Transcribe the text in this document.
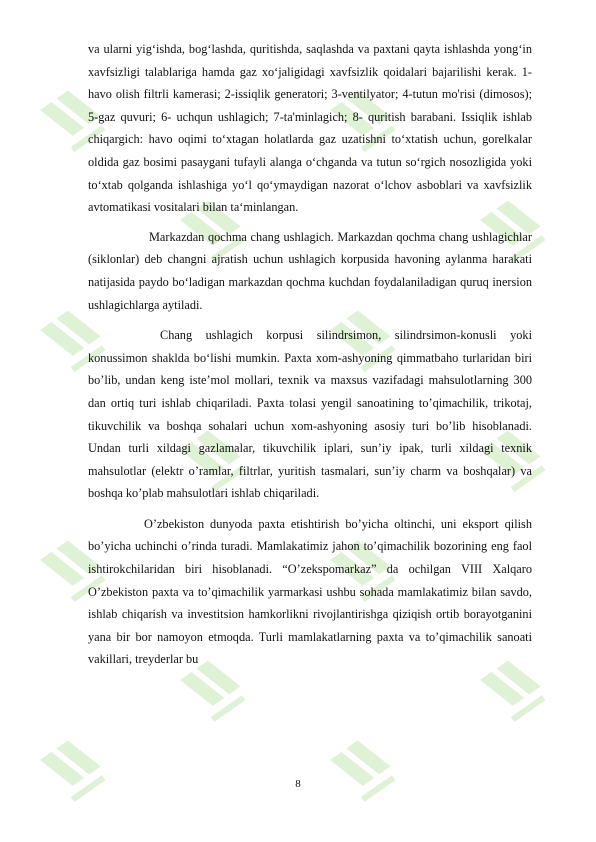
va ularni yig‘ishda, bog‘lashda, quritishda, saqlashda va paxtani qayta ishlashda yong‘in xavfsizligi talablariga hamda gaz xo‘jaligidagi xavfsizlik qoidalari bajarilishi kerak. 1-havo olish filtrli kamerasi; 2-issiqlik generatori; 3-ventilyator; 4-tutun mo'risi (dimosos); 5-gaz quvuri; 6- uchqun ushlagich; 7-ta'minlagich; 8- quritish barabani. Issiqlik ishlab chiqargich: havo oqimi to‘xtagan holatlarda gaz uzatishni to‘xtatish uchun, gorelkalar oldida gaz bosimi pasaygani tufayli alanga o‘chganda va tutun so‘rgich nosozligida yoki to‘xtab qolganda ishlashiga yo‘l qo‘ymaydigan nazorat o‘lchov asboblari va xavfsizlik avtomatikasi vositalari bilan ta‘minlangan.

Markazdan qochma chang ushlagich. Markazdan qochma chang ushlagichlar (siklonlar) deb changni ajratish uchun ushlagich korpusida havoning aylanma harakati natijasida paydo bo‘ladigan markazdan qochma kuchdan foydalaniladigan quruq inersion ushlagichlarga aytiladi.

Chang ushlagich korpusi silindrsimon, silindrsimon-konusli yoki konussimon shaklda bo‘lishi mumkin. Paxta xom-ashyoning qimmatbaho turlaridan biri bo’lib, undan keng iste’mol mollari, texnik va maxsus vazifadagi mahsulotlarning 300 dan ortiq turi ishlab chiqariladi. Paxta tolasi yengil sanoatining to’qimachilik, trikotaj, tikuvchilik va boshqa sohalari uchun xom-ashyoning asosiy turi bo’lib hisoblanadi. Undan turli xildagi gazlamalar, tikuvchilik iplari, sun’iy ipak, turli xildagi texnik mahsulotlar (elektr o’ramlar, filtrlar, yuritish tasmalari, sun’iy charm va boshqalar) va boshqa ko’plab mahsulotlari ishlab chiqariladi.

O’zbekiston dunyoda paxta etishtirish bo’yicha oltinchi, uni eksport qilish bo’yicha uchinchi o’rinda turadi. Mamlakatimiz jahon to’qimachilik bozorining eng faol ishtirokchilaridan biri hisoblanadi. “O’zekspomarkaz” da ochilgan VIII Xalqaro O’zbekiston paxta va to’qimachilik yarmarkasi ushbu sohada mamlakatimiz bilan savdo, ishlab chiqarish va investitsion hamkorlikni rivojlantirishga qiziqish ortib borayotganini yana bir bor namoyon etmoqda. Turli mamlakatlarning paxta va to’qimachilik sanoati vakillari, treyderlar bu

8
